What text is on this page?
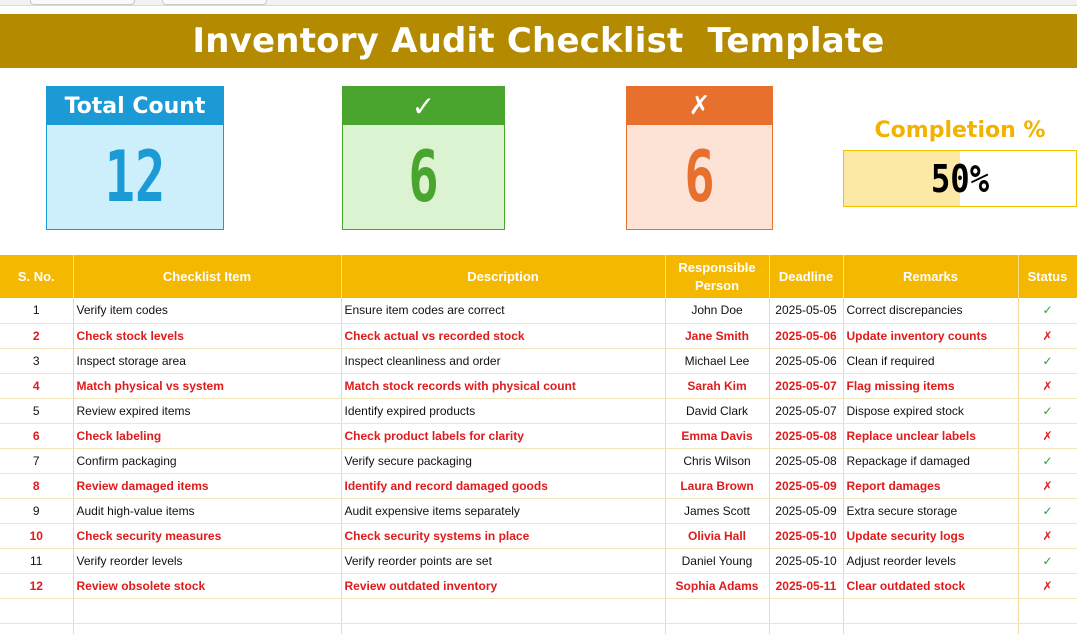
Inventory Audit Checklist  Template
Total Count
12
✓
6
✗
6
Completion %
50%
S. No.	Checklist Item	Description	Responsible Person	Deadline	Remarks	Status
1	Verify item codes	Ensure item codes are correct	John Doe	2025-05-05	Correct discrepancies	✓
2	Check stock levels	Check actual vs recorded stock	Jane Smith	2025-05-06	Update inventory counts	✗
3	Inspect storage area	Inspect cleanliness and order	Michael Lee	2025-05-06	Clean if required	✓
4	Match physical vs system	Match stock records with physical count	Sarah Kim	2025-05-07	Flag missing items	✗
5	Review expired items	Identify expired products	David Clark	2025-05-07	Dispose expired stock	✓
6	Check labeling	Check product labels for clarity	Emma Davis	2025-05-08	Replace unclear labels	✗
7	Confirm packaging	Verify secure packaging	Chris Wilson	2025-05-08	Repackage if damaged	✓
8	Review damaged items	Identify and record damaged goods	Laura Brown	2025-05-09	Report damages	✗
9	Audit high-value items	Audit expensive items separately	James Scott	2025-05-09	Extra secure storage	✓
10	Check security measures	Check security systems in place	Olivia Hall	2025-05-10	Update security logs	✗
11	Verify reorder levels	Verify reorder points are set	Daniel Young	2025-05-10	Adjust reorder levels	✓
12	Review obsolete stock	Review outdated inventory	Sophia Adams	2025-05-11	Clear outdated stock	✗
